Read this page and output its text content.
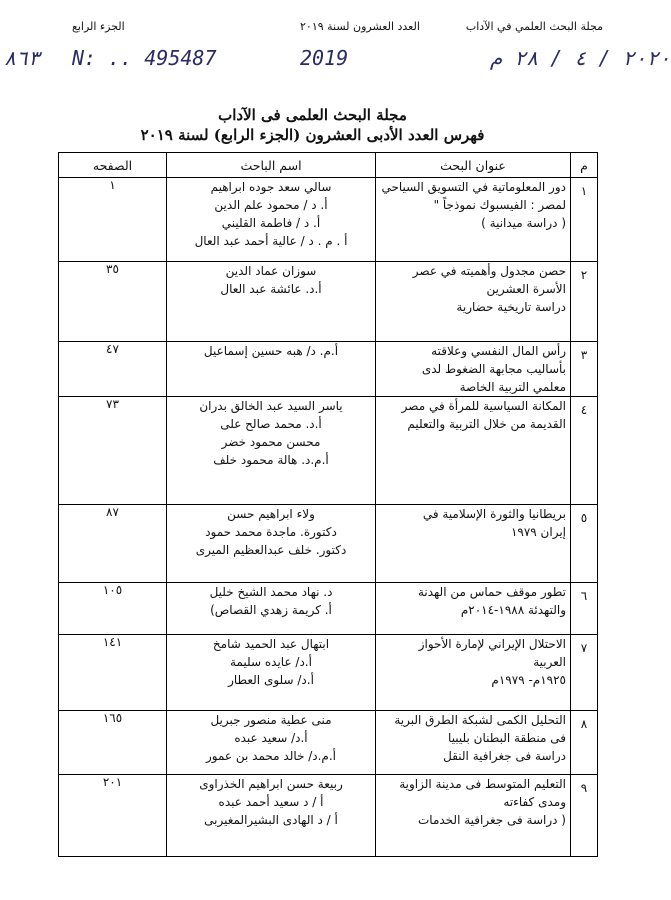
مجلة البحث العلمي في الآداب
العدد العشرون لسنة ٢٠١٩
الجزء الرابع
٨٦٣ N: .. 495487	2019	٢٠٢٠ / ٤ / ٢٨ م
مجلة البحث العلمى فى الآداب
فهرس العدد الأدبى العشرون (الجزء الرابع) لسنة ٢٠١٩
م	عنوان البحث	اسم الباحث	الصفحه

١	دور المعلوماتية في التسويق السياحي
لمصر : الفيسبوك نموذجاً "
( دراسة ميدانية )	سالي سعد جوده ابراهيم
أ. د / محمود علم الدين
أ. د / فاطمة القليني
أ . م . د / عالية أحمد عبد العال	١

٢	حصن مجدول وأهميته في عصر
الأسرة العشرين
دراسة تاريخية حضارية	سوزان عماد الدين
أ.د. عائشة عبد العال	٣٥

٣	رأس المال النفسي وعلاقته
بأساليب مجابهة الضغوط لدى
معلمي التربية الخاصة	أ.م. د/ هبه حسين إسماعيل	٤٧

٤	المكانة السياسية للمرأة في مصر
القديمة من خلال التربية والتعليم	ياسر السيد عبد الخالق بدران
أ.د. محمد صالح على
محسن محمود خضر
أ.م.د. هالة محمود خلف	٧٣

٥	بريطانيا والثورة الإسلامية في
إيران ١٩٧٩	ولاء ابراهيم حسن
دكتورة. ماجدة محمد حمود
دكتور. خلف عبدالعظيم الميرى	٨٧

٦	تطور موقف حماس من الهدنة
والتهدئة ١٩٨٨-٢٠١٤م	د. نهاد محمد الشيخ خليل
أ. كريمة زهدي القصاص)	١٠٥

٧	الاحتلال الإيراني لإمارة الأحواز
العربية
١٩٢٥م- ١٩٧٩م	ابتهال عبد الحميد شامخ
أ.د/ عايده سليمة
أ.د/ سلوى العطار	١٤١

٨	التحليل الكمى لشبكة الطرق البرية
فى منطقة البطنان بليبيا
دراسة فى جغرافية النقل	منى عطية منصور جبريل
أ.د/ سعيد عبده
أ.م.د/ خالد محمد بن عمور	١٦٥

٩	التعليم المتوسط فى مدينة الزاوية
ومدى كفاءته
( دراسة فى جغرافية الخدمات	ربيعة حسن ابراهيم الخذراوى
أ / د سعيد أحمد عبده
أ / د الهادى البشيرالمغيربى	٢٠١
